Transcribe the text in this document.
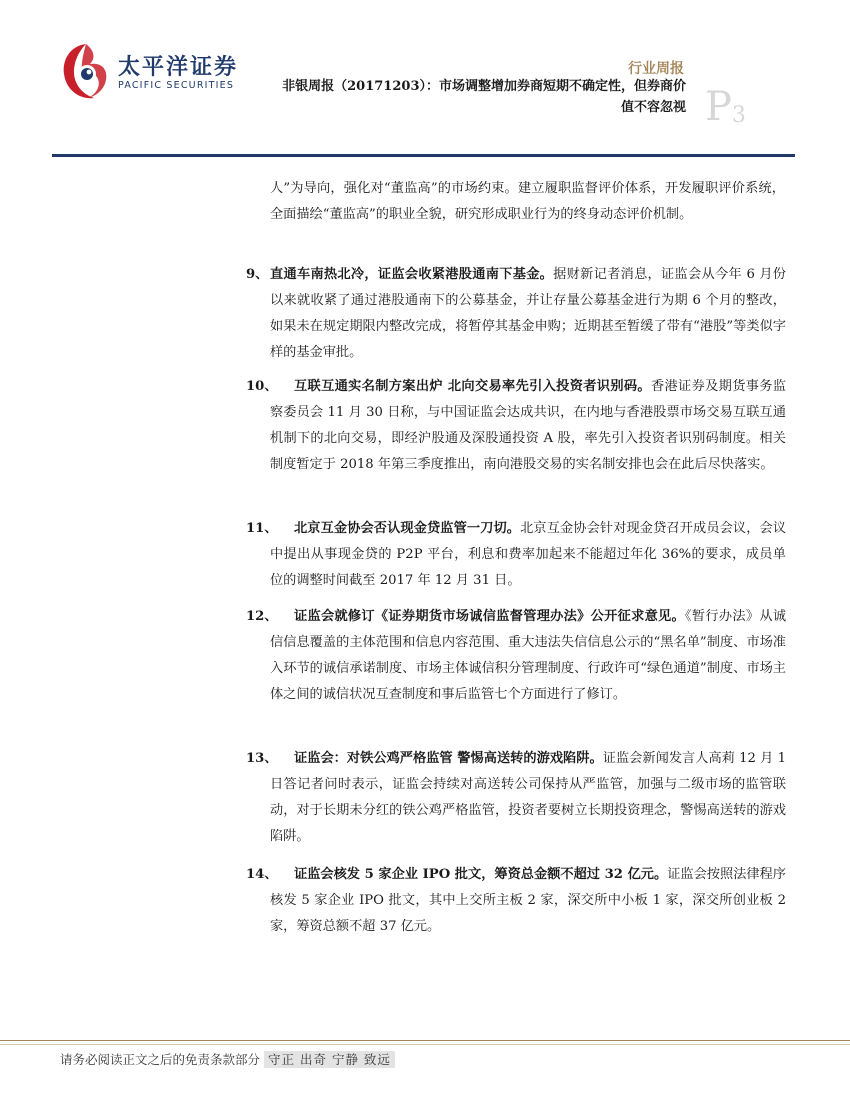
太平洋证券
PACIFIC SECURITIES
行业周报
非银周报（20171203）：市场调整增加券商短期不确定性，但券商价值不容忽视 $P_3$

人”为导向，强化对“董监高”的市场约束。建立履职监督评价体系，开发履职评价系统，全面描绘“董监高”的职业全貌，研究形成职业行为的终身动态评价机制。

9、 直通车南热北冷，证监会收紧港股通南下基金。据财新记者消息，证监会从今年 6 月份以来就收紧了通过港股通南下的公募基金，并让存量公募基金进行为期 6 个月的整改，如果未在规定期限内整改完成，将暂停其基金申购；近期甚至暂缓了带有“港股”等类似字样的基金审批。

10、	互联互通实名制方案出炉 北向交易率先引入投资者识别码。香港证券及期货事务监察委员会 11 月 30 日称，与中国证监会达成共识，在内地与香港股票市场交易互联互通机制下的北向交易，即经沪股通及深股通投资 A 股，率先引入投资者识别码制度。相关制度暂定于 2018 年第三季度推出，南向港股交易的实名制安排也会在此后尽快落实。

11、	北京互金协会否认现金贷监管一刀切。北京互金协会针对现金贷召开成员会议，会议中提出从事现金贷的 P2P 平台，利息和费率加起来不能超过年化 36%的要求，成员单位的调整时间截至 2017 年 12 月 31 日。

12、	证监会就修订《证券期货市场诚信监督管理办法》公开征求意见。《暂行办法》从诚信信息覆盖的主体范围和信息内容范围、重大违法失信信息公示的“黑名单”制度、市场准入环节的诚信承诺制度、市场主体诚信积分管理制度、行政许可“绿色通道”制度、市场主体之间的诚信状况互查制度和事后监管七个方面进行了修订。

13、	证监会：对铁公鸡严格监管 警惕高送转的游戏陷阱。证监会新闻发言人高莉 12 月 1 日答记者问时表示，证监会持续对高送转公司保持从严监管，加强与二级市场的监管联动，对于长期未分红的铁公鸡严格监管，投资者要树立长期投资理念，警惕高送转的游戏陷阱。

14、	证监会核发 5 家企业 IPO 批文，筹资总金额不超过 32 亿元。证监会按照法律程序核发 5 家企业 IPO 批文，其中上交所主板 2 家，深交所中小板 1 家，深交所创业板 2 家，筹资总额不超 37 亿元。

请务必阅读正文之后的免责条款部分 守正 出奇 宁静 致远
